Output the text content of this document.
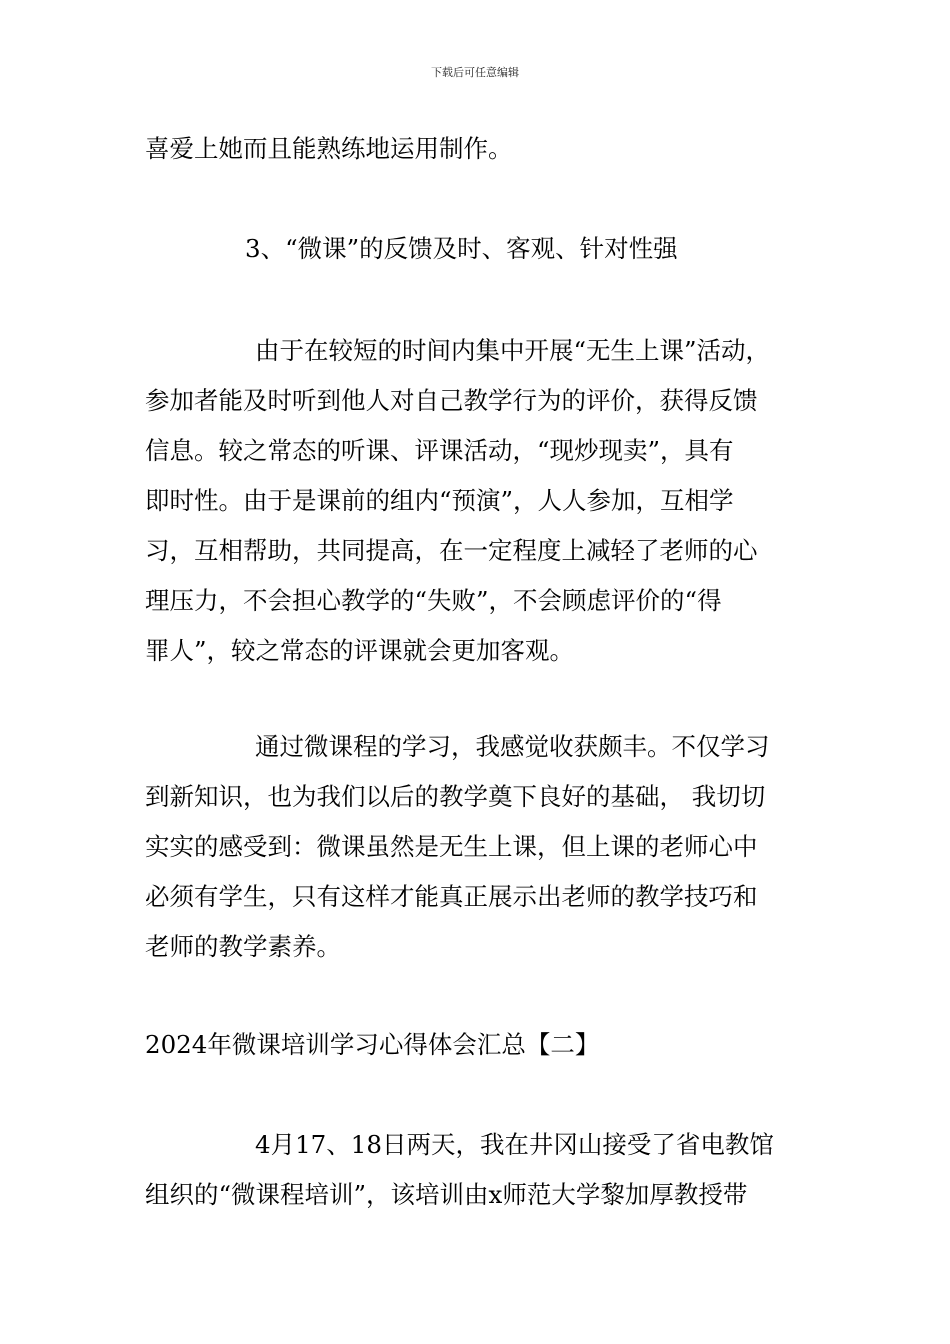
下载后可任意编辑
喜爱上她而且能熟练地运用制作。
3、“微课”的反馈及时、客观、针对性强
由于在较短的时间内集中开展“无生上课”活动，
参加者能及时听到他人对自己教学行为的评价，获得反馈
信息。较之常态的听课、评课活动，“现炒现卖”，具有
即时性。由于是课前的组内“预演”，人人参加，互相学
习，互相帮助，共同提高，在一定程度上减轻了老师的心
理压力，不会担心教学的“失败”，不会顾虑评价的“得
罪人”，较之常态的评课就会更加客观。
通过微课程的学习，我感觉收获颇丰。不仅学习
到新知识，也为我们以后的教学奠下良好的基础， 我切切
实实的感受到：微课虽然是无生上课，但上课的老师心中
必须有学生，只有这样才能真正展示出老师的教学技巧和
老师的教学素养。
2024年微课培训学习心得体会汇总【二】
4月17、18日两天，我在井冈山接受了省电教馆
组织的“微课程培训”，该培训由x师范大学黎加厚教授带
